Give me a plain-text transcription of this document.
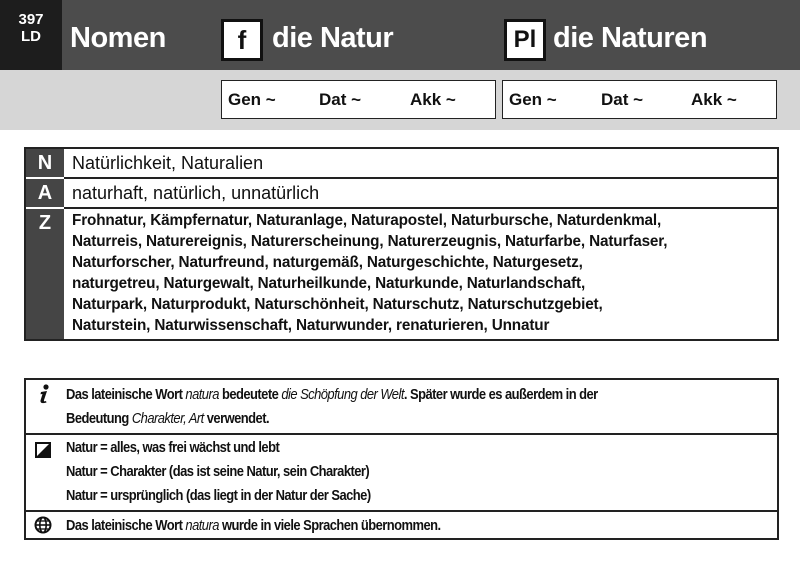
397
LD	Nomen	f die Natur	Pl die Naturen
Gen ~	Dat ~	Akk ~	Gen ~	Dat ~	Akk ~
N	Natürlichkeit, Naturalien
A	naturhaft, natürlich, unnatürlich
Z	Frohnatur, Kämpfernatur, Naturanlage, Naturapostel, Naturbursche, Naturdenkmal,
Naturreis, Naturereignis, Naturerscheinung, Naturerzeugnis, Naturfarbe, Naturfaser,
Naturforscher, Naturfreund, naturgemäß, Naturgeschichte, Naturgesetz,
naturgetreu, Naturgewalt, Naturheilkunde, Naturkunde, Naturlandschaft,
Naturpark, Naturprodukt, Naturschönheit, Naturschutz, Naturschutzgebiet,
Naturstein, Naturwissenschaft, Naturwunder, renaturieren, Unnatur
Das lateinische Wort natura bedeutete die Schöpfung der Welt. Später wurde es außerdem in der
Bedeutung Charakter, Art verwendet.
Natur = alles, was frei wächst und lebt
Natur = Charakter (das ist seine Natur, sein Charakter)
Natur = ursprünglich (das liegt in der Natur der Sache)
Das lateinische Wort natura wurde in viele Sprachen übernommen.
